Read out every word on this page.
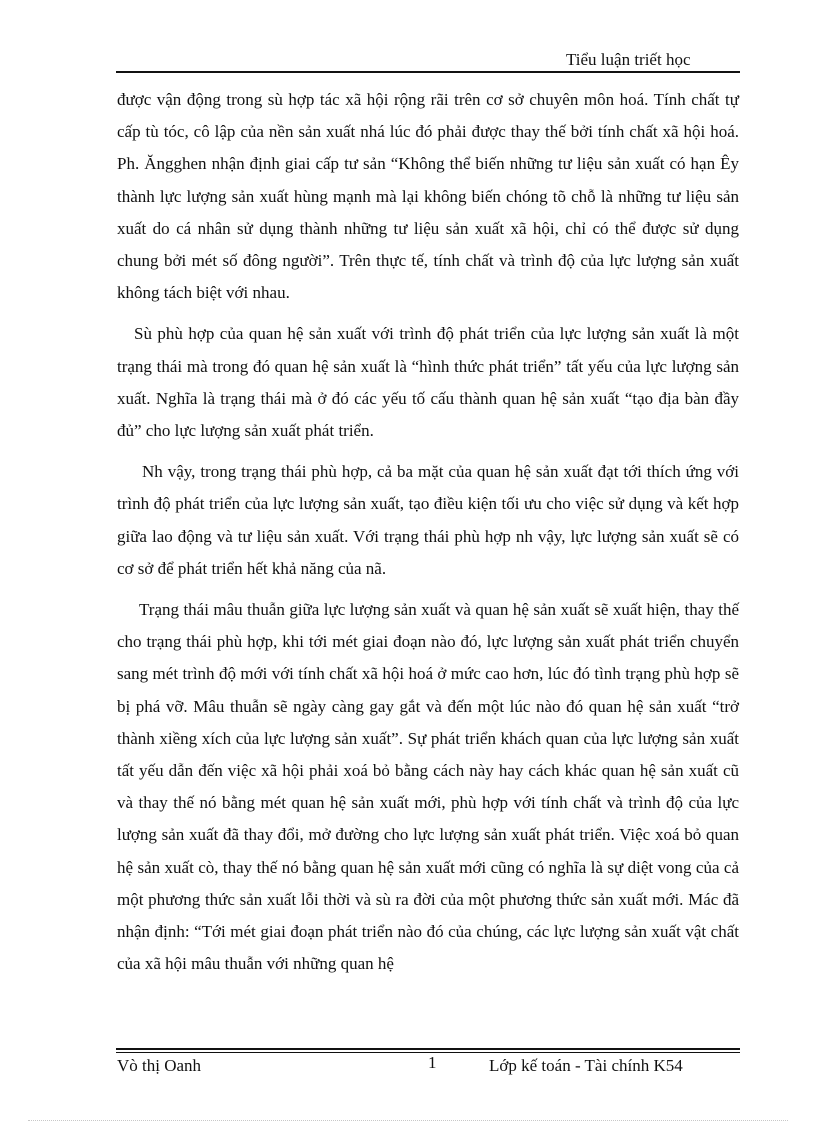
Tiểu luận triết học

được vận động trong sù hợp tác xã hội rộng rãi trên cơ sở chuyên môn hoá. Tính chất tự cấp tù tóc, cô lập của nền sản xuất nhá lúc đó phải được thay thế bởi tính chất xã hội hoá. Ph. Ăngghen nhận định giai cấp tư sản “Không thể biến những tư liệu sản xuất có hạn Êy thành lực lượng sản xuất hùng mạnh mà lại không biến chóng tõ chỗ là những tư liệu sản xuất do cá nhân sử dụng thành những tư liệu sản xuất xã hội, chỉ có thể được sử dụng chung bởi mét số đông người”. Trên thực tế, tính chất và trình độ của lực lượng sản xuất không tách biệt với nhau.

Sù phù hợp của quan hệ sản xuất với trình độ phát triển của lực lượng sản xuất là một trạng thái mà trong đó quan hệ sản xuất là “hình thức phát triển” tất yếu của lực lượng sản xuất. Nghĩa là trạng thái mà ở đó các yếu tố cấu thành quan hệ sản xuất “tạo địa bàn đầy đủ” cho lực lượng sản xuất phát triển.

Nh vậy, trong trạng thái phù hợp, cả ba mặt của quan hệ sản xuất đạt tới thích ứng với trình độ phát triển của lực lượng sản xuất, tạo điều kiện tối ưu cho việc sử dụng và kết hợp giữa lao động và tư liệu sản xuất. Với trạng thái phù hợp nh vậy, lực lượng sản xuất sẽ có cơ sở để phát triển hết khả năng của nã.

Trạng thái mâu thuẫn giữa lực lượng sản xuất và quan hệ sản xuất sẽ xuất hiện, thay thế cho trạng thái phù hợp, khi tới mét giai đoạn nào đó, lực lượng sản xuất phát triển chuyển sang mét trình độ mới với tính chất xã hội hoá ở mức cao hơn, lúc đó tình trạng phù hợp sẽ bị phá vỡ. Mâu thuẫn sẽ ngày càng gay gắt và đến một lúc nào đó quan hệ sản xuất “trở thành xiềng xích của lực lượng sản xuất”. Sự phát triển khách quan của lực lượng sản xuất tất yếu dẫn đến việc xã hội phải xoá bỏ bằng cách này hay cách khác quan hệ sản xuất cũ và thay thế nó bằng mét quan hệ sản xuất mới, phù hợp với tính chất và trình độ của lực lượng sản xuất đã thay đổi, mở đường cho lực lượng sản xuất phát triển. Việc xoá bỏ quan hệ sản xuất cò, thay thế nó bằng quan hệ sản xuất mới cũng có nghĩa là sự diệt vong của cả một phương thức sản xuất lỗi thời và sù ra đời của một phương thức sản xuất mới. Mác đã nhận định: “Tới mét giai đoạn phát triển nào đó của chúng, các lực lượng sản xuất vật chất của xã hội mâu thuẫn với những quan hệ

Vò thị Oanh	1	Lớp kế toán - Tài chính K54
